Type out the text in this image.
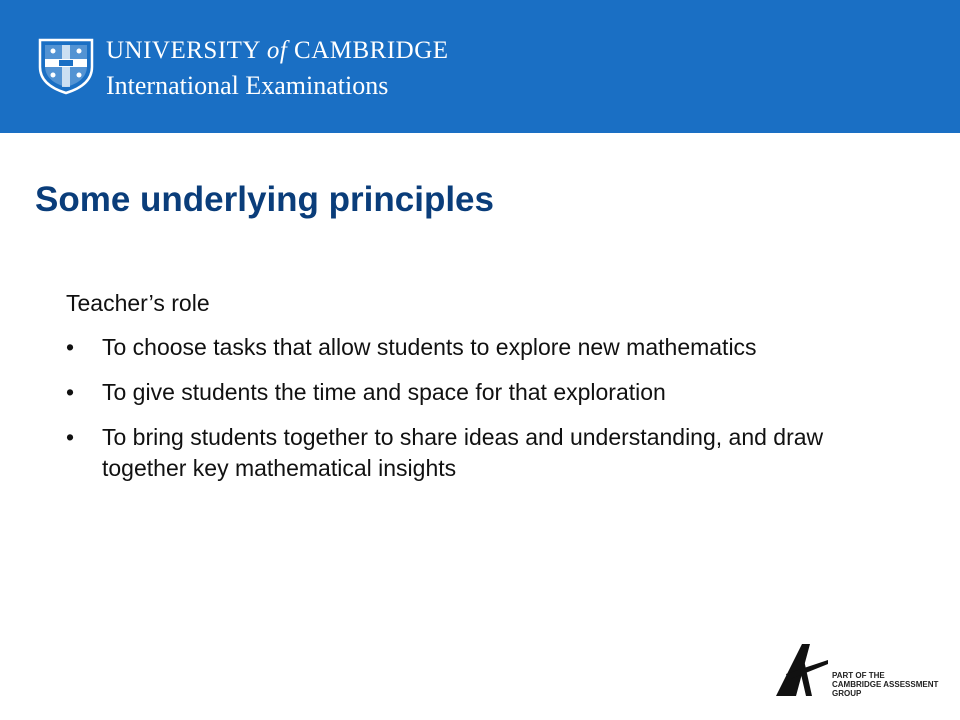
UNIVERSITY of CAMBRIDGE
International Examinations
Some underlying principles

Teacher’s role

• To choose tasks that allow students to explore new mathematics
• To give students the time and space for that exploration
• To bring students together to share ideas and understanding, and draw together key mathematical insights
PART OF THE
CAMBRIDGE ASSESSMENT
GROUP
